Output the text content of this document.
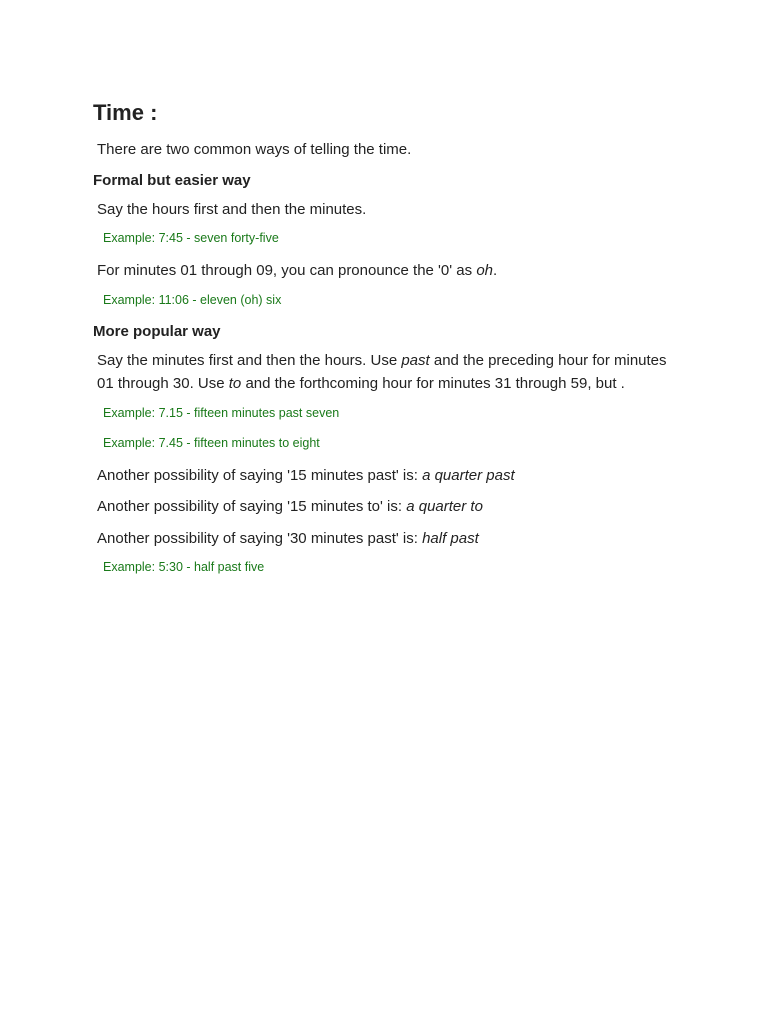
Time :

There are two common ways of telling the time.

Formal but easier way

Say the hours first and then the minutes.

Example: 7:45 - seven forty-five

For minutes 01 through 09, you can pronounce the '0' as oh.

Example: 11:06 - eleven (oh) six

More popular way

Say the minutes first and then the hours. Use past and the preceding hour for minutes 01 through 30. Use to and the forthcoming hour for minutes 31 through 59, but .

Example: 7.15 - fifteen minutes past seven

Example: 7.45 - fifteen minutes to eight

Another possibility of saying '15 minutes past' is: a quarter past

Another possibility of saying '15 minutes to' is: a quarter to

Another possibility of saying '30 minutes past' is: half past

Example: 5:30 - half past five
